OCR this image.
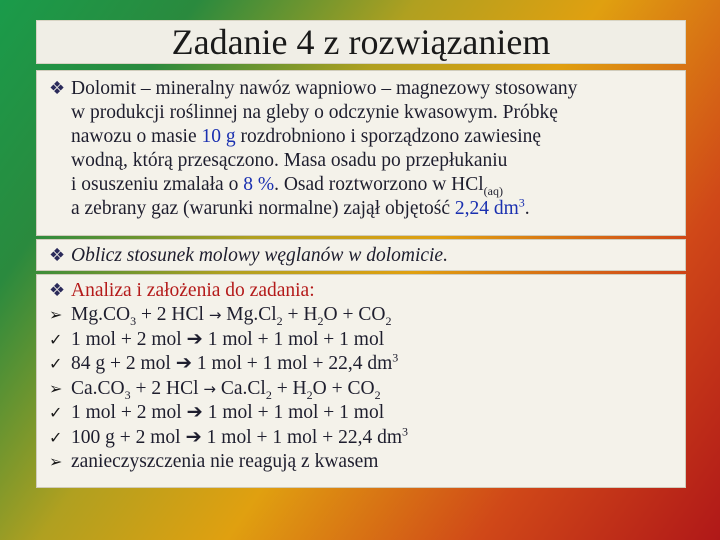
Zadanie 4 z rozwiązaniem
❖ Dolomit – mineralny nawóz wapniowo – magnezowy stosowany
w produkcji roślinnej na gleby o odczynie kwasowym. Próbkę
nawozu o masie 10 g rozdrobniono i sporządzono zawiesinę
wodną, którą przesączono. Masa osadu po przepłukaniu
i osuszeniu zmalała o 8 %. Osad roztworzono w HCl$_{(aq)}$
a zebrany gaz (warunki normalne) zajął objętość 2,24 $dm^3$.
❖ Oblicz stosunek molowy węglanów w dolomicie.
❖ Analiza i założenia do zadania:
➢ $Mg.CO_3 + 2$ HCl → $Mg.Cl_2 + H_2O + CO_2$
✓ 1 mol + 2 mol ➔ 1 mol + 1 mol + 1 mol
✓ 84 g + 2 mol ➔ 1 mol + 1 mol + 22,4 $dm^3$
➢ $Ca.CO_3 + 2$ HCl → $Ca.Cl_2 + H_2O + CO_2$
✓ 1 mol + 2 mol ➔ 1 mol + 1 mol + 1 mol
✓ 100 g + 2 mol ➔ 1 mol + 1 mol + 22,4 $dm^3$
➢ zanieczyszczenia nie reagują z kwasem
